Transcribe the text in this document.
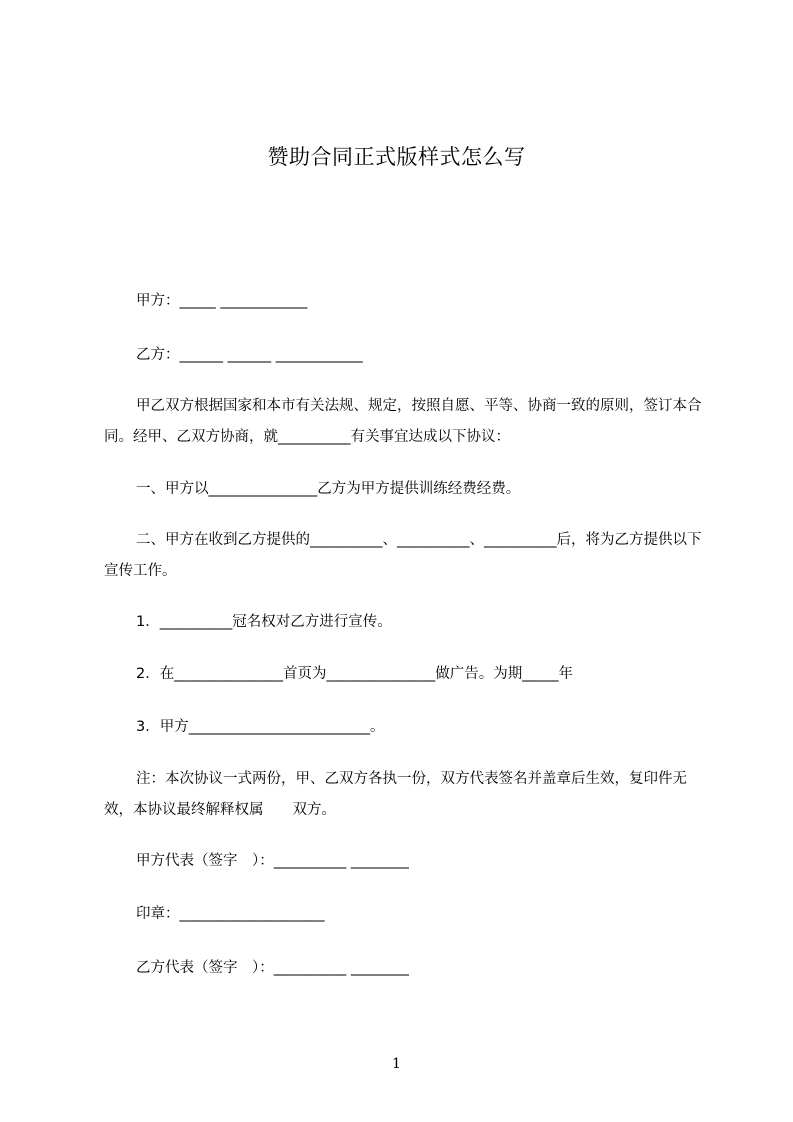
赞助合同正式版样式怎么写
甲方：_____ ____________
乙方：______ ______ ____________
甲乙双方根据国家和本市有关法规、规定，按照自愿、平等、协商一致的原则，签订本合同。经甲、乙双方协商，就__________有关事宜达成以下协议：
一、甲方以_______________乙方为甲方提供训练经费经费。
二、甲方在收到乙方提供的__________、__________、__________后，将为乙方提供以下宣传工作。
1．__________冠名权对乙方进行宣传。
2．在_______________首页为_______________做广告。为期_____年
3．甲方_________________________。
注：本次协议一式两份，甲、乙双方各执一份，双方代表签名并盖章后生效，复印件无效，本协议最终解释权属　　双方。
甲方代表（签字　）：__________ ________
印章：____________________
乙方代表（签字　）：__________ ________
1
